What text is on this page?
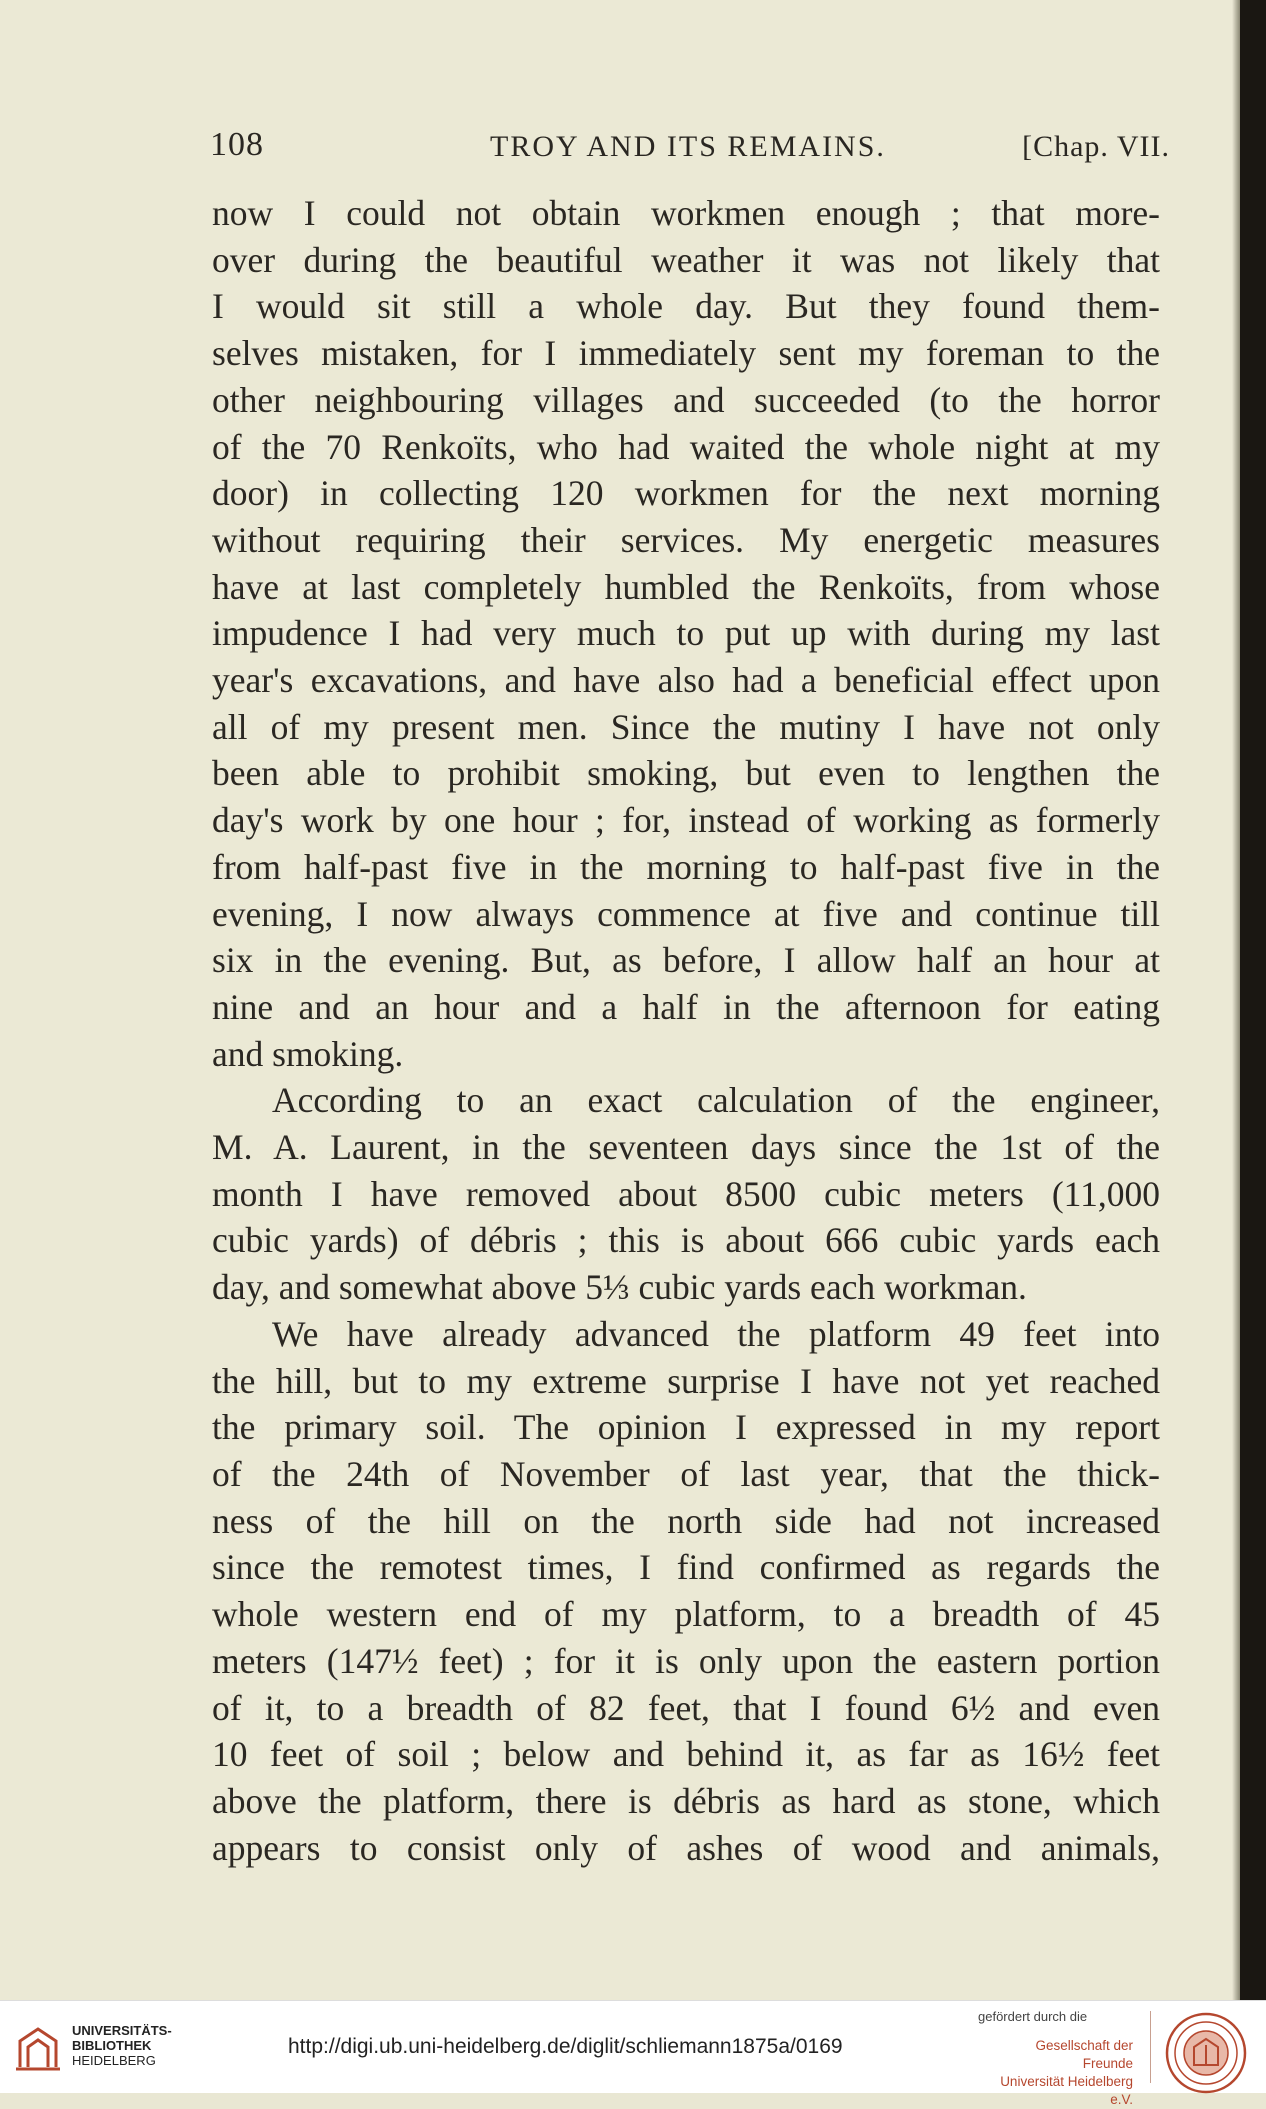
108	TROY AND ITS REMAINS.	[Chap. VII.
now I could not obtain workmen enough ; that more-
over during the beautiful weather it was not likely that
I would sit still a whole day. But they found them-
selves mistaken, for I immediately sent my foreman to the
other neighbouring villages and succeeded (to the horror
of the 70 Renkoïts, who had waited the whole night at my
door) in collecting 120 workmen for the next morning
without requiring their services. My energetic measures
have at last completely humbled the Renkoïts, from whose
impudence I had very much to put up with during my last
year's excavations, and have also had a beneficial effect upon
all of my present men. Since the mutiny I have not only
been able to prohibit smoking, but even to lengthen the
day's work by one hour ; for, instead of working as formerly
from half-past five in the morning to half-past five in the
evening, I now always commence at five and continue till
six in the evening. But, as before, I allow half an hour at
nine and an hour and a half in the afternoon for eating
and smoking.
According to an exact calculation of the engineer,
M. A. Laurent, in the seventeen days since the 1st of the
month I have removed about 8500 cubic meters (11,000
cubic yards) of débris ; this is about 666 cubic yards each
day, and somewhat above 5⅓ cubic yards each workman.
We have already advanced the platform 49 feet into
the hill, but to my extreme surprise I have not yet reached
the primary soil. The opinion I expressed in my report
of the 24th of November of last year, that the thick-
ness of the hill on the north side had not increased
since the remotest times, I find confirmed as regards the
whole western end of my platform, to a breadth of 45
meters (147½ feet) ; for it is only upon the eastern portion
of it, to a breadth of 82 feet, that I found 6½ and even
10 feet of soil ; below and behind it, as far as 16½ feet
above the platform, there is débris as hard as stone, which
appears to consist only of ashes of wood and animals,
UNIVERSITÄTS-
BIBLIOTHEK
HEIDELBERG
http://digi.ub.uni-heidelberg.de/diglit/schliemann1875a/0169
gefördert durch die
Gesellschaft der Freunde
Universität Heidelberg e.V.
